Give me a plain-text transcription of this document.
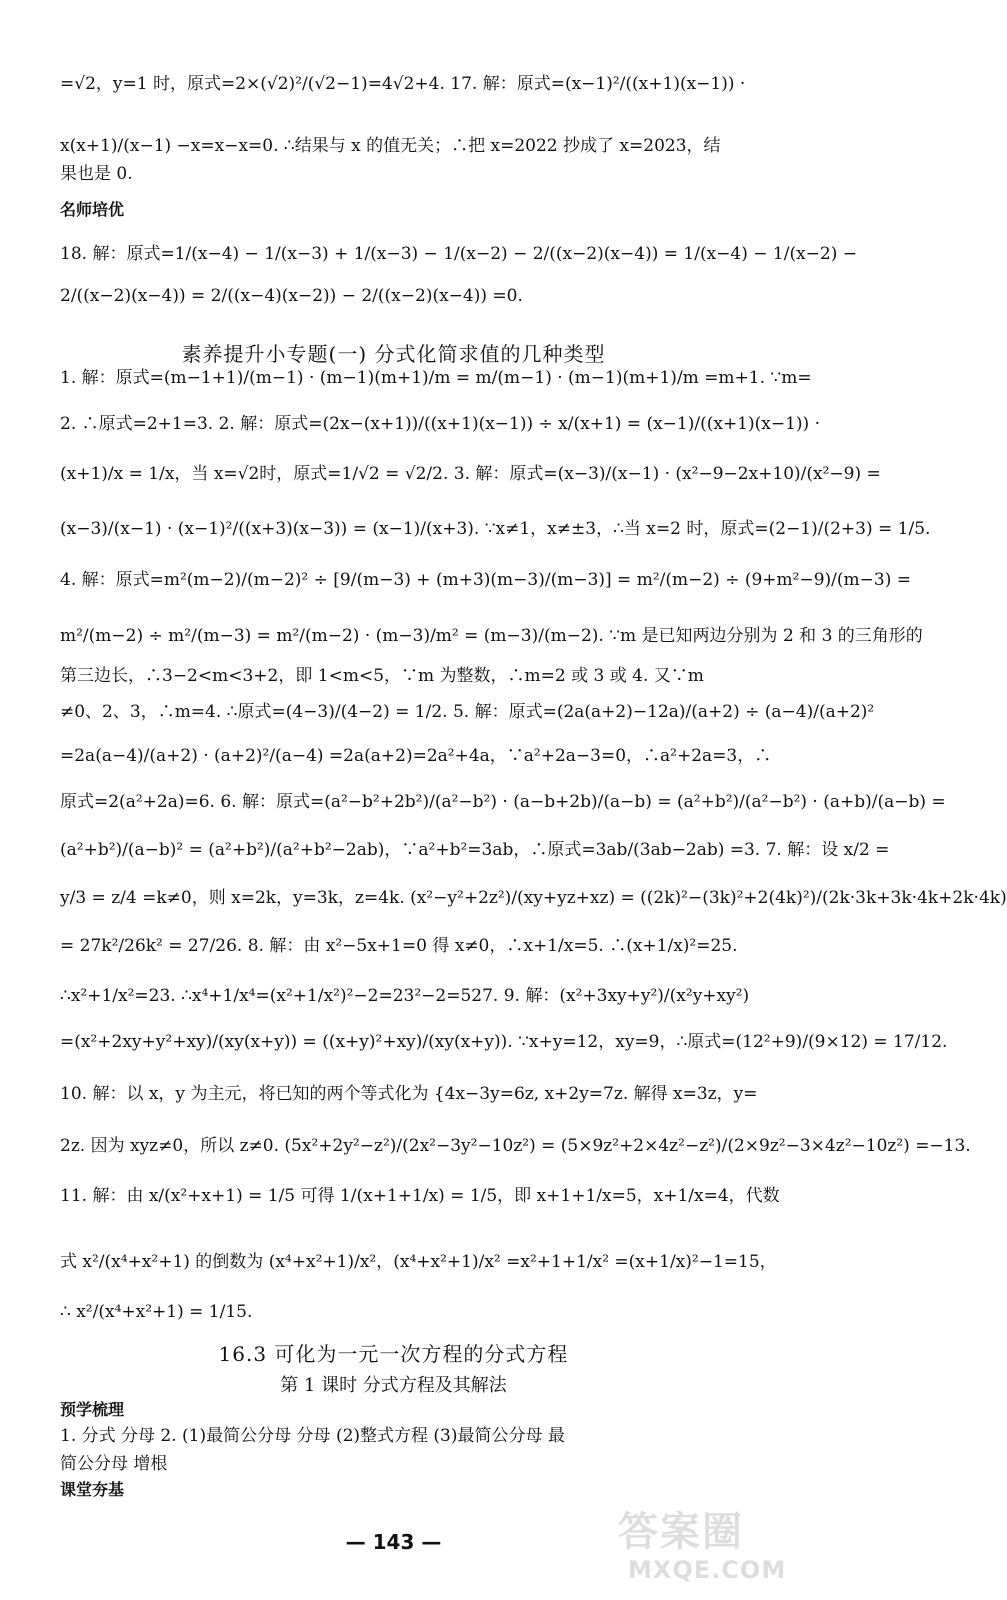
=√2，y=1 时，原式=2×(√2)²/(√2−1)=4√2+4. 17. 解：原式=(x−1)²/((x+1)(x−1)) ·
x(x+1)/(x−1) −x=x−x=0. ∴结果与 x 的值无关；∴把 x=2022 抄成了 x=2023，结
果也是 0.
名师培优
18. 解：原式=1/(x−4) − 1/(x−3) + 1/(x−3) − 1/(x−2) − 2/((x−2)(x−4)) = 1/(x−4) − 1/(x−2) −
2/((x−2)(x−4)) = 2/((x−4)(x−2)) − 2/((x−2)(x−4)) =0.
素养提升小专题(一) 分式化简求值的几种类型
1. 解：原式=(m−1+1)/(m−1) · (m−1)(m+1)/m = m/(m−1) · (m−1)(m+1)/m =m+1. ∵m=
2. ∴原式=2+1=3. 2. 解：原式=(2x−(x+1))/((x+1)(x−1)) ÷ x/(x+1) = (x−1)/((x+1)(x−1)) ·
(x+1)/x = 1/x，当 x=√2时，原式=1/√2 = √2/2. 3. 解：原式=(x−3)/(x−1) · (x²−9−2x+10)/(x²−9) =
(x−3)/(x−1) · (x−1)²/((x+3)(x−3)) = (x−1)/(x+3). ∵x≠1，x≠±3，∴当 x=2 时，原式=(2−1)/(2+3) = 1/5.
4. 解：原式=m²(m−2)/(m−2)² ÷ [9/(m−3) + (m+3)(m−3)/(m−3)] = m²/(m−2) ÷ (9+m²−9)/(m−3) =
m²/(m−2) ÷ m²/(m−3) = m²/(m−2) · (m−3)/m² = (m−3)/(m−2). ∵m 是已知两边分别为 2 和 3 的三角形的
第三边长，∴3−2<m<3+2，即 1<m<5，∵m 为整数，∴m=2 或 3 或 4. 又∵m
≠0、2、3，∴m=4. ∴原式=(4−3)/(4−2) = 1/2. 5. 解：原式=(2a(a+2)−12a)/(a+2) ÷ (a−4)/(a+2)²
=2a(a−4)/(a+2) · (a+2)²/(a−4) =2a(a+2)=2a²+4a，∵a²+2a−3=0，∴a²+2a=3，∴
原式=2(a²+2a)=6. 6. 解：原式=(a²−b²+2b²)/(a²−b²) · (a−b+2b)/(a−b) = (a²+b²)/(a²−b²) · (a+b)/(a−b) =
(a²+b²)/(a−b)² = (a²+b²)/(a²+b²−2ab)，∵a²+b²=3ab，∴原式=3ab/(3ab−2ab) =3. 7. 解：设 x/2 =
y/3 = z/4 =k≠0，则 x=2k，y=3k，z=4k. (x²−y²+2z²)/(xy+yz+xz) = ((2k)²−(3k)²+2(4k)²)/(2k·3k+3k·4k+2k·4k)
= 27k²/26k² = 27/26. 8. 解：由 x²−5x+1=0 得 x≠0，∴x+1/x=5. ∴(x+1/x)²=25.
∴x²+1/x²=23. ∴x⁴+1/x⁴=(x²+1/x²)²−2=23²−2=527. 9. 解：(x²+3xy+y²)/(x²y+xy²)
=(x²+2xy+y²+xy)/(xy(x+y)) = ((x+y)²+xy)/(xy(x+y)). ∵x+y=12，xy=9，∴原式=(12²+9)/(9×12) = 17/12.
10. 解：以 x，y 为主元，将已知的两个等式化为 {4x−3y=6z, x+2y=7z. 解得 x=3z，y=
2z. 因为 xyz≠0，所以 z≠0. (5x²+2y²−z²)/(2x²−3y²−10z²) = (5×9z²+2×4z²−z²)/(2×9z²−3×4z²−10z²) =−13.
11. 解：由 x/(x²+x+1) = 1/5 可得 1/(x+1+1/x) = 1/5，即 x+1+1/x=5，x+1/x=4，代数
式 x²/(x⁴+x²+1) 的倒数为 (x⁴+x²+1)/x²，(x⁴+x²+1)/x² =x²+1+1/x² =(x+1/x)²−1=15，
∴ x²/(x⁴+x²+1) = 1/15.
16.3 可化为一元一次方程的分式方程
第 1 课时 分式方程及其解法
预学梳理
1. 分式 分母 2. (1)最简公分母 分母 (2)整式方程 (3)最简公分母 最
简公分母 增根
课堂夯基
— 143 —	答案圈
MXQE.COM
